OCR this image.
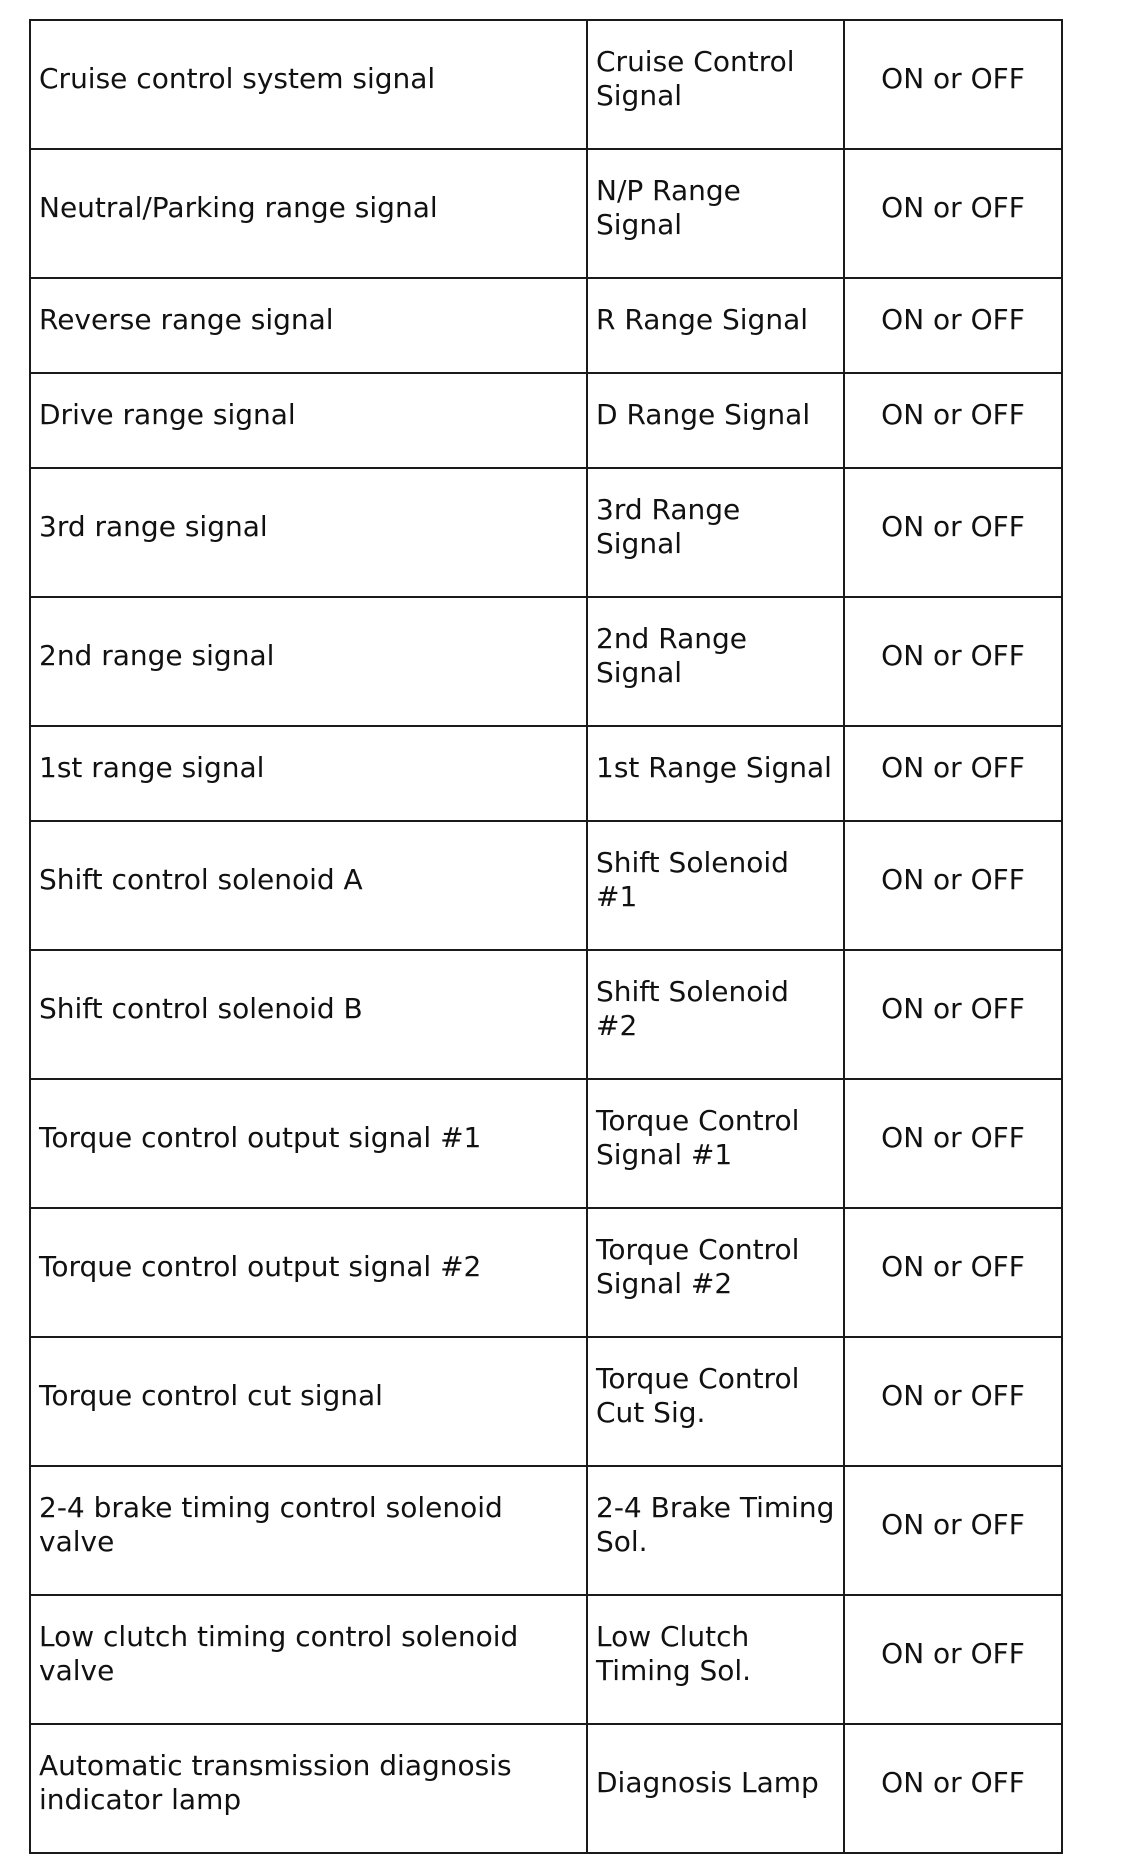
Cruise control system signal	Cruise Control Signal	ON or OFF

Neutral/Parking range signal	N/P Range Signal	ON or OFF

Reverse range signal	R Range Signal	ON or OFF

Drive range signal	D Range Signal	ON or OFF

3rd range signal	3rd Range Signal	ON or OFF

2nd range signal	2nd Range Signal	ON or OFF

1st range signal	1st Range Signal	ON or OFF

Shift control solenoid A	Shift Solenoid #1	ON or OFF

Shift control solenoid B	Shift Solenoid #2	ON or OFF

Torque control output signal #1	Torque Control Signal #1	ON or OFF

Torque control output signal #2	Torque Control Signal #2	ON or OFF

Torque control cut signal	Torque Control Cut Sig.	ON or OFF

2-4 brake timing control solenoid valve	2-4 Brake Timing Sol.	ON or OFF

Low clutch timing control solenoid valve	Low Clutch Timing Sol.	ON or OFF

Automatic transmission diagnosis indicator lamp	Diagnosis Lamp	ON or OFF
